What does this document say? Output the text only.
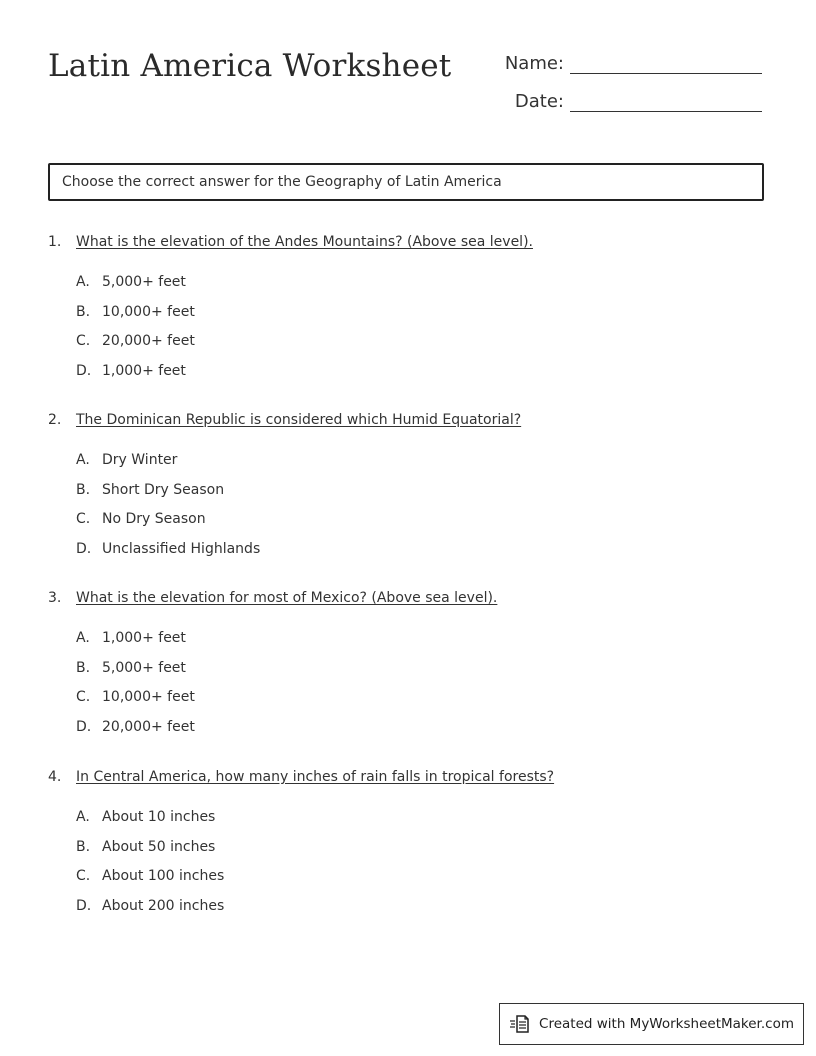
Latin America Worksheet	Name:
Date:
Choose the correct answer for the Geography of Latin America
1.	What is the elevation of the Andes Mountains? (Above sea level).
A. 5,000+ feet
B. 10,000+ feet
C. 20,000+ feet
D. 1,000+ feet
2.	The Dominican Republic is considered which Humid Equatorial?
A. Dry Winter
B. Short Dry Season
C. No Dry Season
D. Unclassified Highlands
3.	What is the elevation for most of Mexico? (Above sea level).
A. 1,000+ feet
B. 5,000+ feet
C. 10,000+ feet
D. 20,000+ feet
4.	In Central America, how many inches of rain falls in tropical forests?
A. About 10 inches
B. About 50 inches
C. About 100 inches
D. About 200 inches
Created with MyWorksheetMaker.com
